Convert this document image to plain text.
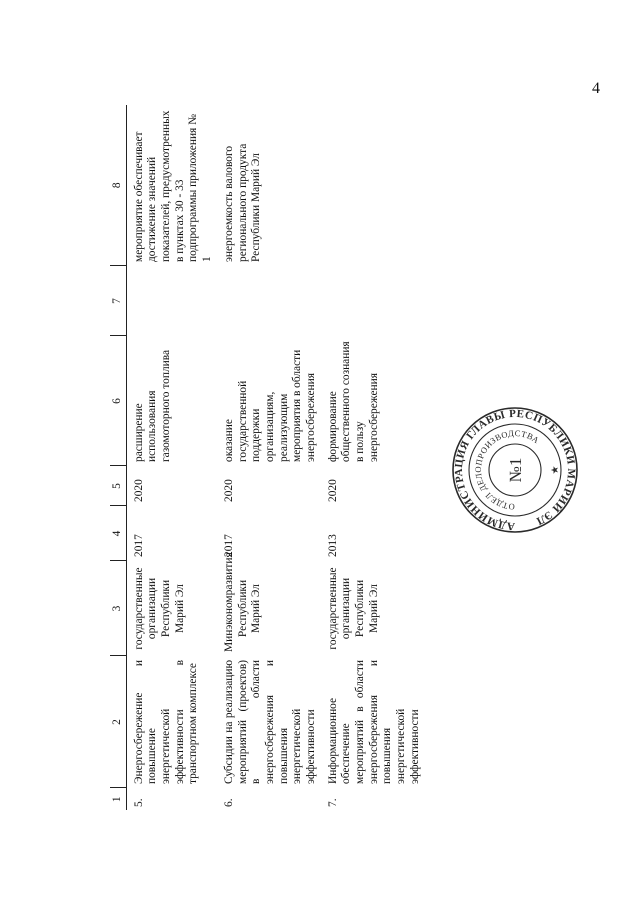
4
1	2	3	4	5	6	7	8
5.	Энергосбережение и повышение энергетической эффективности в транспортном комплексе	государственные организации Республики Марий Эл	2017	2020	расширение использования газомоторного топлива		мероприятие обеспечивает достижение значений показателей, предусмотренных в пунктах 30 - 33 подпрограммы приложения № 1
6.	Субсидии на реализацию мероприятий (проектов) в области энергосбережения и повышения энергетической эффективности	Минэкономразвития Республики Марий Эл	2017	2020	оказание государственной поддержки организациям, реализующим мероприятия в области энергосбережения		энергоемкость валового регионального продукта Республики Марий Эл
7.	Информационное обеспечение мероприятий в области энергосбережения и повышения энергетической эффективности	государственные организации Республики Марий Эл	2013	2020	формирование общественного сознания в пользу энергосбережения		
АДМИНИСТРАЦИЯ ГЛАВЫ РЕСПУБЛИКИ МАРИЙ ЭЛ
ОТДЕЛ ДЕЛОПРОИЗВОДСТВА
№1	★
